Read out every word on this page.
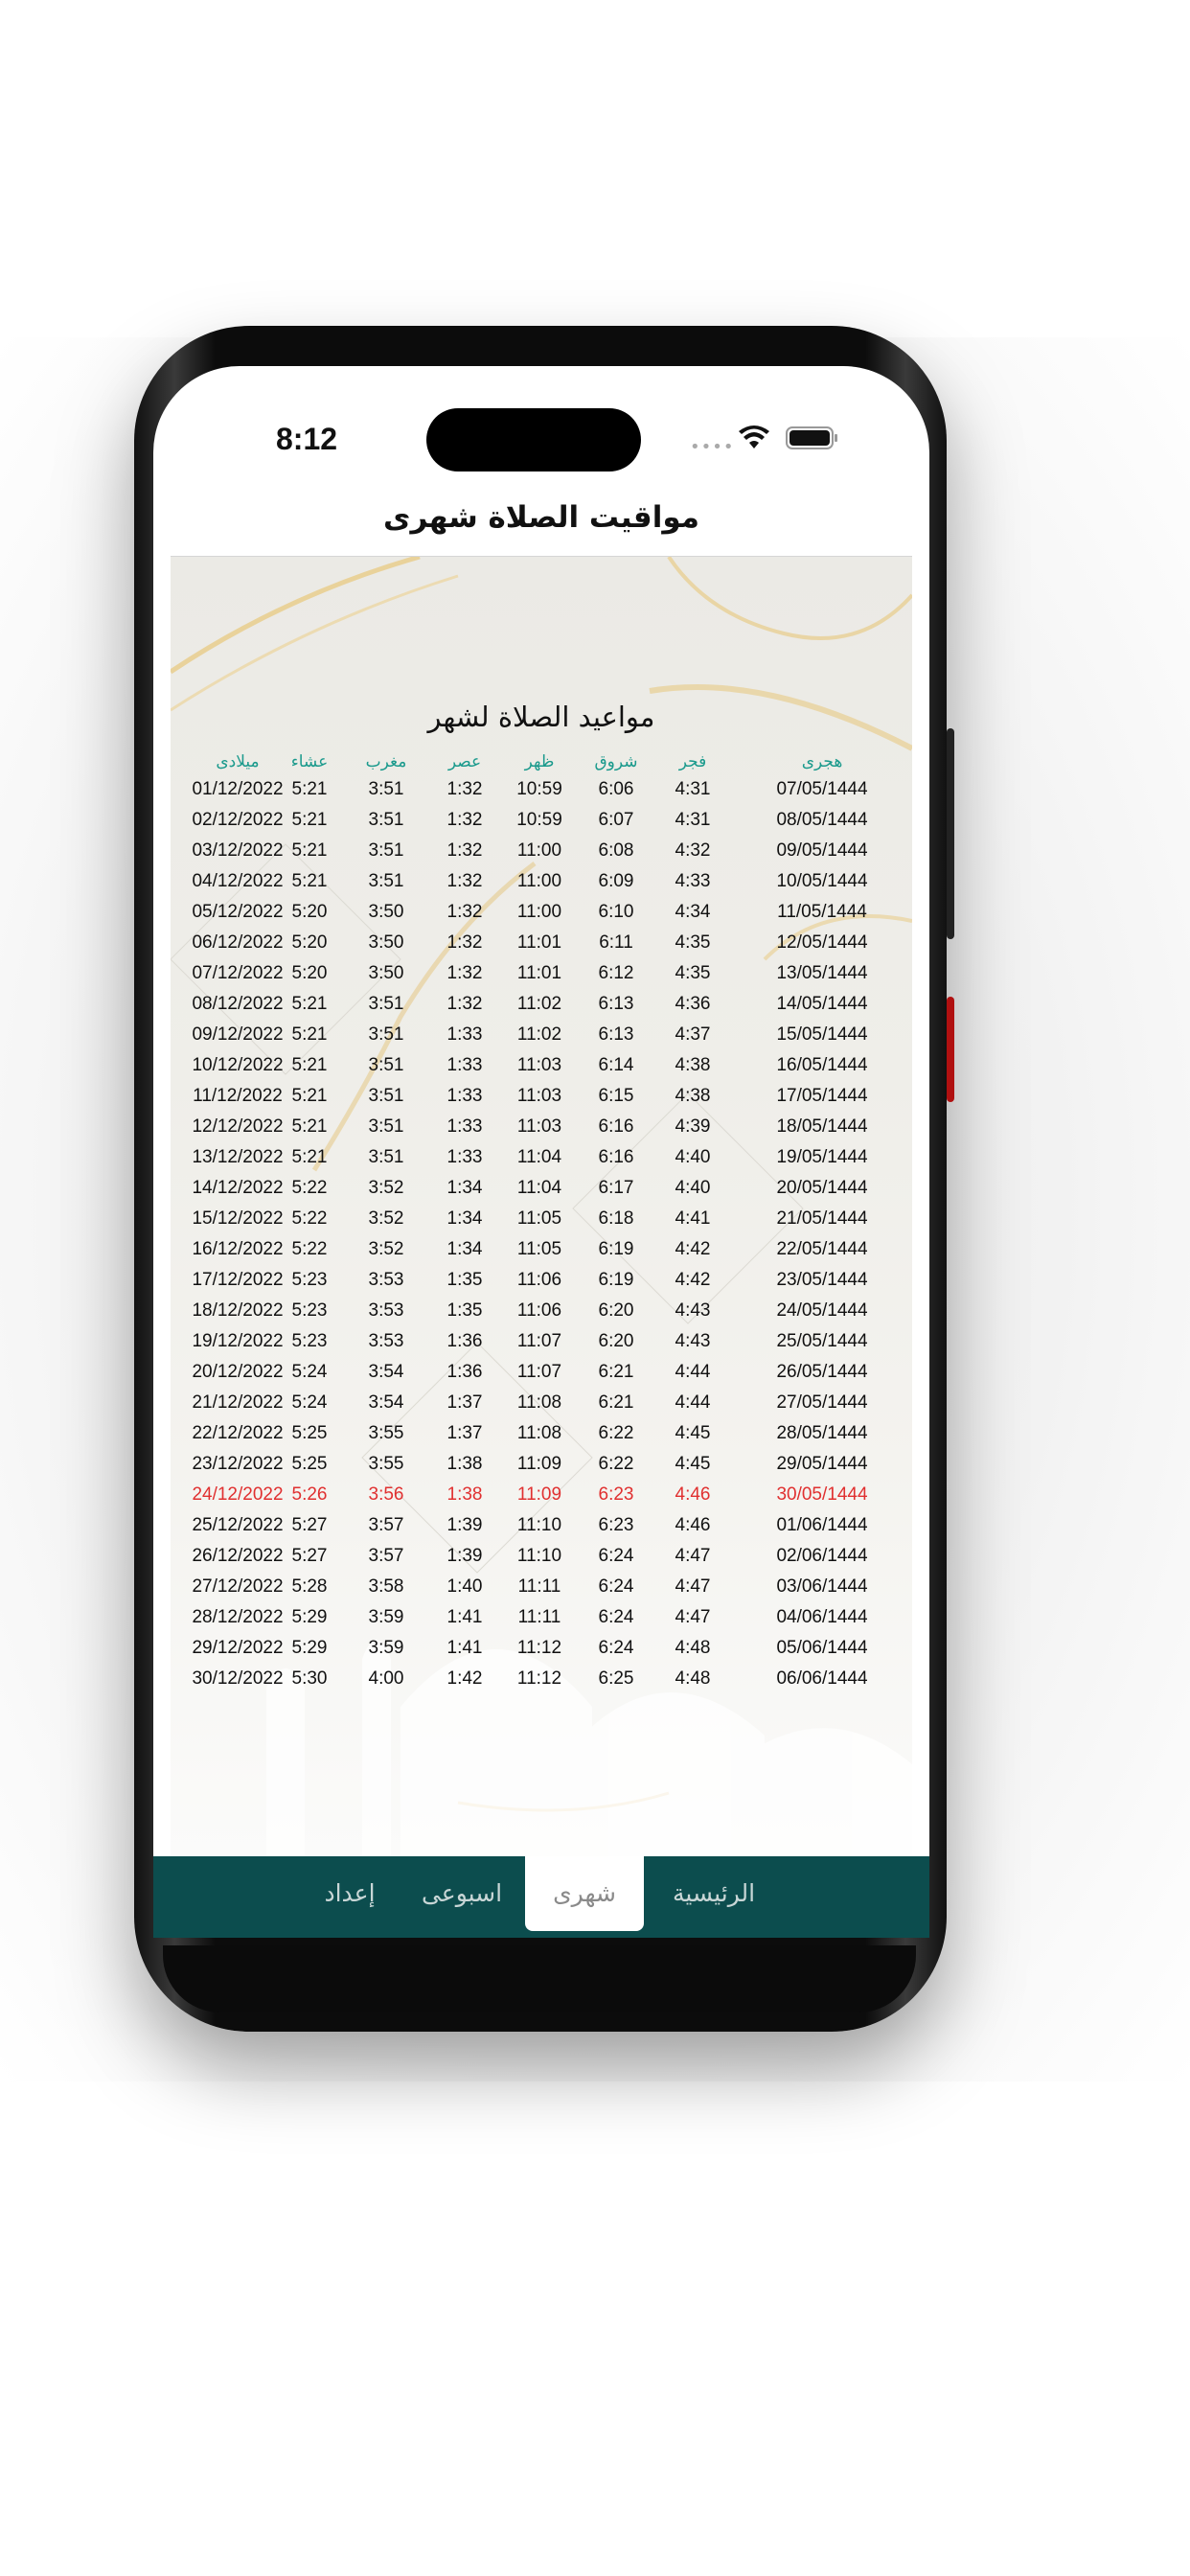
8:12	••••
مواقيت الصلاة شهرى
مواعيد الصلاة لشهر
هجرى
فجر
شروق
ظهر
عصر
مغرب
عشاء
ميلادى
07/05/1444
4:31
6:06
10:59
1:32
3:51
5:21
01/12/2022
08/05/1444
4:31
6:07
10:59
1:32
3:51
5:21
02/12/2022
09/05/1444
4:32
6:08
11:00
1:32
3:51
5:21
03/12/2022
10/05/1444
4:33
6:09
11:00
1:32
3:51
5:21
04/12/2022
11/05/1444
4:34
6:10
11:00
1:32
3:50
5:20
05/12/2022
12/05/1444
4:35
6:11
11:01
1:32
3:50
5:20
06/12/2022
13/05/1444
4:35
6:12
11:01
1:32
3:50
5:20
07/12/2022
14/05/1444
4:36
6:13
11:02
1:32
3:51
5:21
08/12/2022
15/05/1444
4:37
6:13
11:02
1:33
3:51
5:21
09/12/2022
16/05/1444
4:38
6:14
11:03
1:33
3:51
5:21
10/12/2022
17/05/1444
4:38
6:15
11:03
1:33
3:51
5:21
11/12/2022
18/05/1444
4:39
6:16
11:03
1:33
3:51
5:21
12/12/2022
19/05/1444
4:40
6:16
11:04
1:33
3:51
5:21
13/12/2022
20/05/1444
4:40
6:17
11:04
1:34
3:52
5:22
14/12/2022
21/05/1444
4:41
6:18
11:05
1:34
3:52
5:22
15/12/2022
22/05/1444
4:42
6:19
11:05
1:34
3:52
5:22
16/12/2022
23/05/1444
4:42
6:19
11:06
1:35
3:53
5:23
17/12/2022
24/05/1444
4:43
6:20
11:06
1:35
3:53
5:23
18/12/2022
25/05/1444
4:43
6:20
11:07
1:36
3:53
5:23
19/12/2022
26/05/1444
4:44
6:21
11:07
1:36
3:54
5:24
20/12/2022
27/05/1444
4:44
6:21
11:08
1:37
3:54
5:24
21/12/2022
28/05/1444
4:45
6:22
11:08
1:37
3:55
5:25
22/12/2022
29/05/1444
4:45
6:22
11:09
1:38
3:55
5:25
23/12/2022
30/05/1444
4:46
6:23
11:09
1:38
3:56
5:26
24/12/2022
01/06/1444
4:46
6:23
11:10
1:39
3:57
5:27
25/12/2022
02/06/1444
4:47
6:24
11:10
1:39
3:57
5:27
26/12/2022
03/06/1444
4:47
6:24
11:11
1:40
3:58
5:28
27/12/2022
04/06/1444
4:47
6:24
11:11
1:41
3:59
5:29
28/12/2022
05/06/1444
4:48
6:24
11:12
1:41
3:59
5:29
29/12/2022
06/06/1444
4:48
6:25
11:12
1:42
4:00
5:30
30/12/2022
الرئيسية
شهرى
اسبوعى
إعداد
